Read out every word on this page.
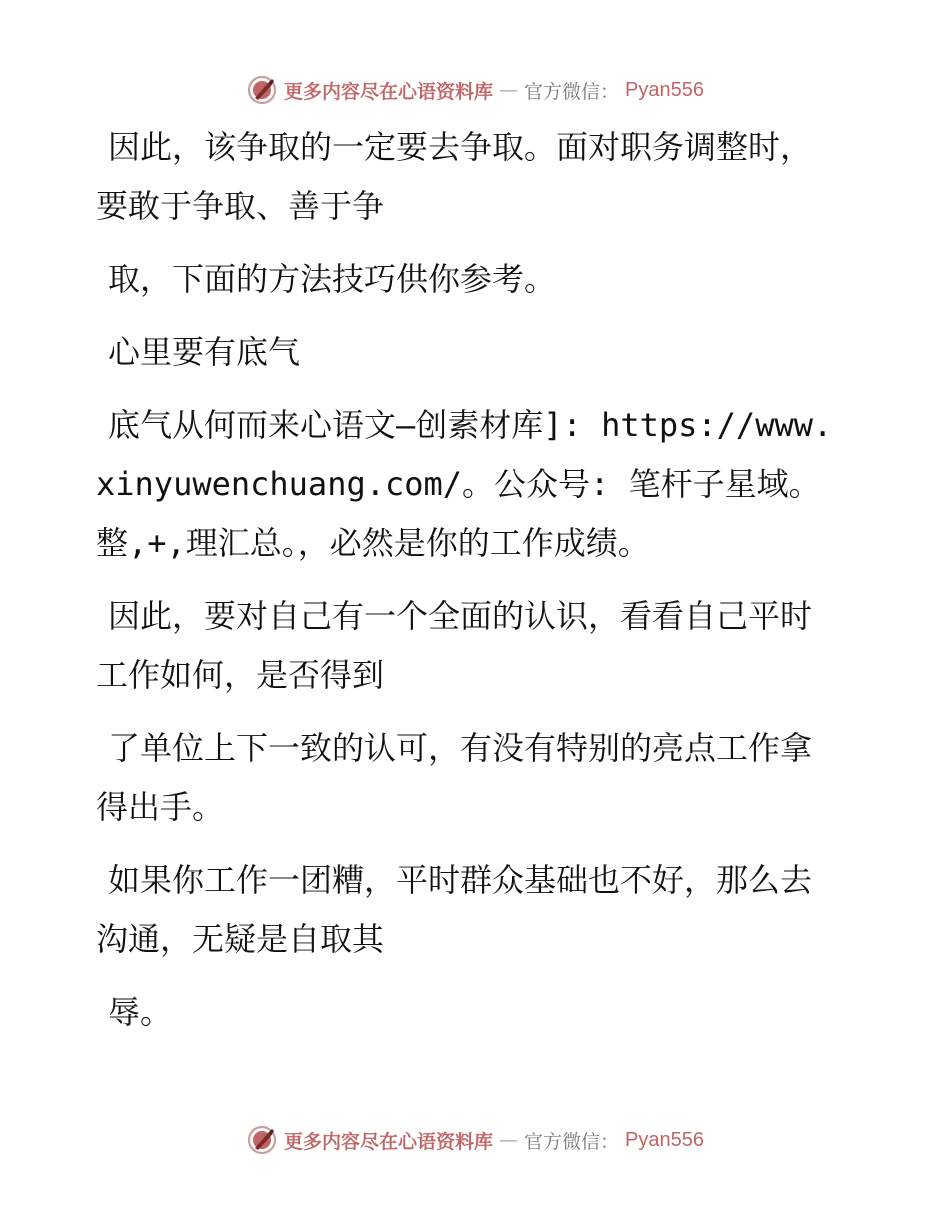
更多内容尽在心语资料库 — 官方微信： Pyan556

因此，该争取的一定要去争取。面对职务调整时，要敢于争取、善于争

取，下面的方法技巧供你参考。

心里要有底气

底气从何而来心语文—创素材库]: https://www.xinyuwenchuang.com/。公众号: 笔杆子星域。整,+,理汇总。，必然是你的工作成绩。

因此，要对自己有一个全面的认识，看看自己平时工作如何，是否得到

了单位上下一致的认可，有没有特别的亮点工作拿得出手。

如果你工作一团糟，平时群众基础也不好，那么去沟通，无疑是自取其

辱。

更多内容尽在心语资料库 — 官方微信： Pyan556
